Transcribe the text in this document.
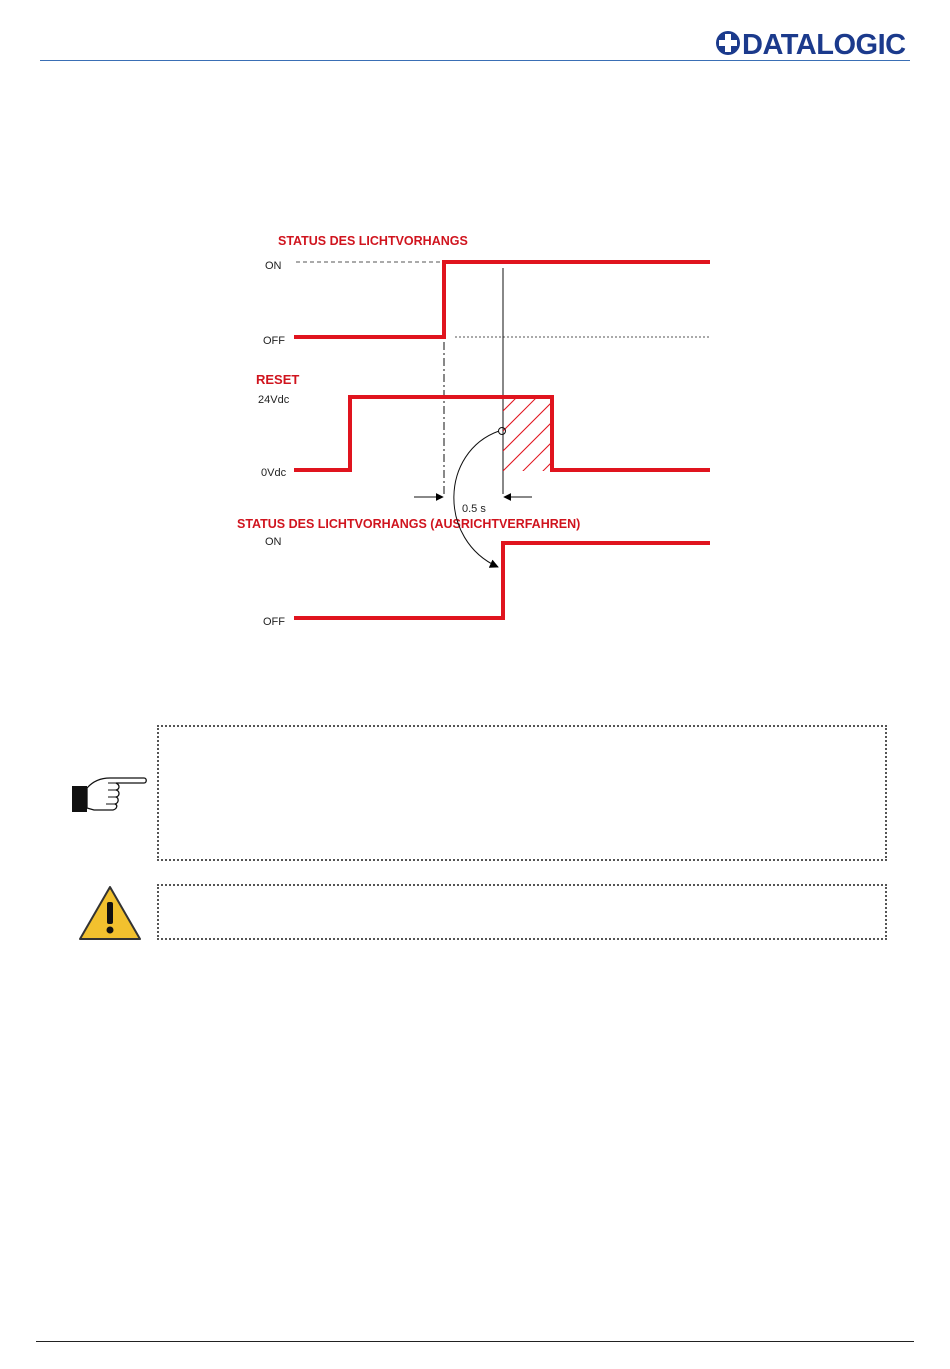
DATALOGIC
STATUS DES LICHTVORHANGS
RESET
STATUS DES LICHTVORHANGS (AUSRICHTVERFAHREN)
ON
OFF
24Vdc
0Vdc
ON
OFF
0.5 s
